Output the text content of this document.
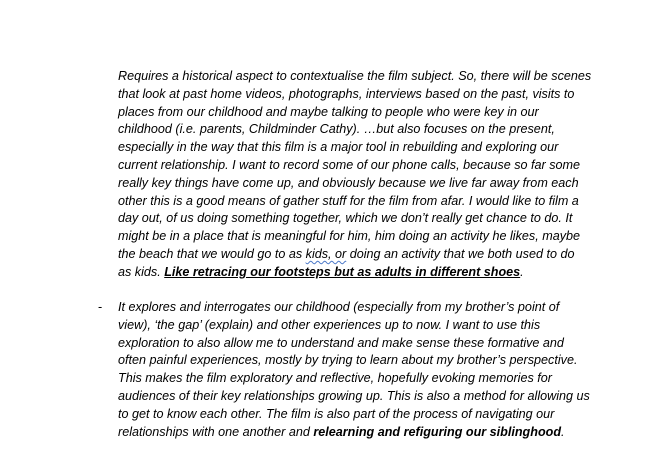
Requires a historical aspect to contextualise the film subject. So, there will be scenes
that look at past home videos, photographs, interviews based on the past, visits to
places from our childhood and maybe talking to people who were key in our
childhood (i.e. parents, Childminder Cathy). …but also focuses on the present,
especially in the way that this film is a major tool in rebuilding and exploring our
current relationship. I want to record some of our phone calls, because so far some
really key things have come up, and obviously because we live far away from each
other this is a good means of gather stuff for the film from afar. I would like to film a
day out, of us doing something together, which we don’t really get chance to do. It
might be in a place that is meaningful for him, him doing an activity he likes, maybe
the beach that we would go to as kids, or doing an activity that we both used to do
as kids. Like retracing our footsteps but as adults in different shoes.

- It explores and interrogates our childhood (especially from my brother’s point of
view), ‘the gap’ (explain) and other experiences up to now. I want to use this
exploration to also allow me to understand and make sense these formative and
often painful experiences, mostly by trying to learn about my brother’s perspective.
This makes the film exploratory and reflective, hopefully evoking memories for
audiences of their key relationships growing up. This is also a method for allowing us
to get to know each other. The film is also part of the process of navigating our
relationships with one another and relearning and refiguring our siblinghood.
